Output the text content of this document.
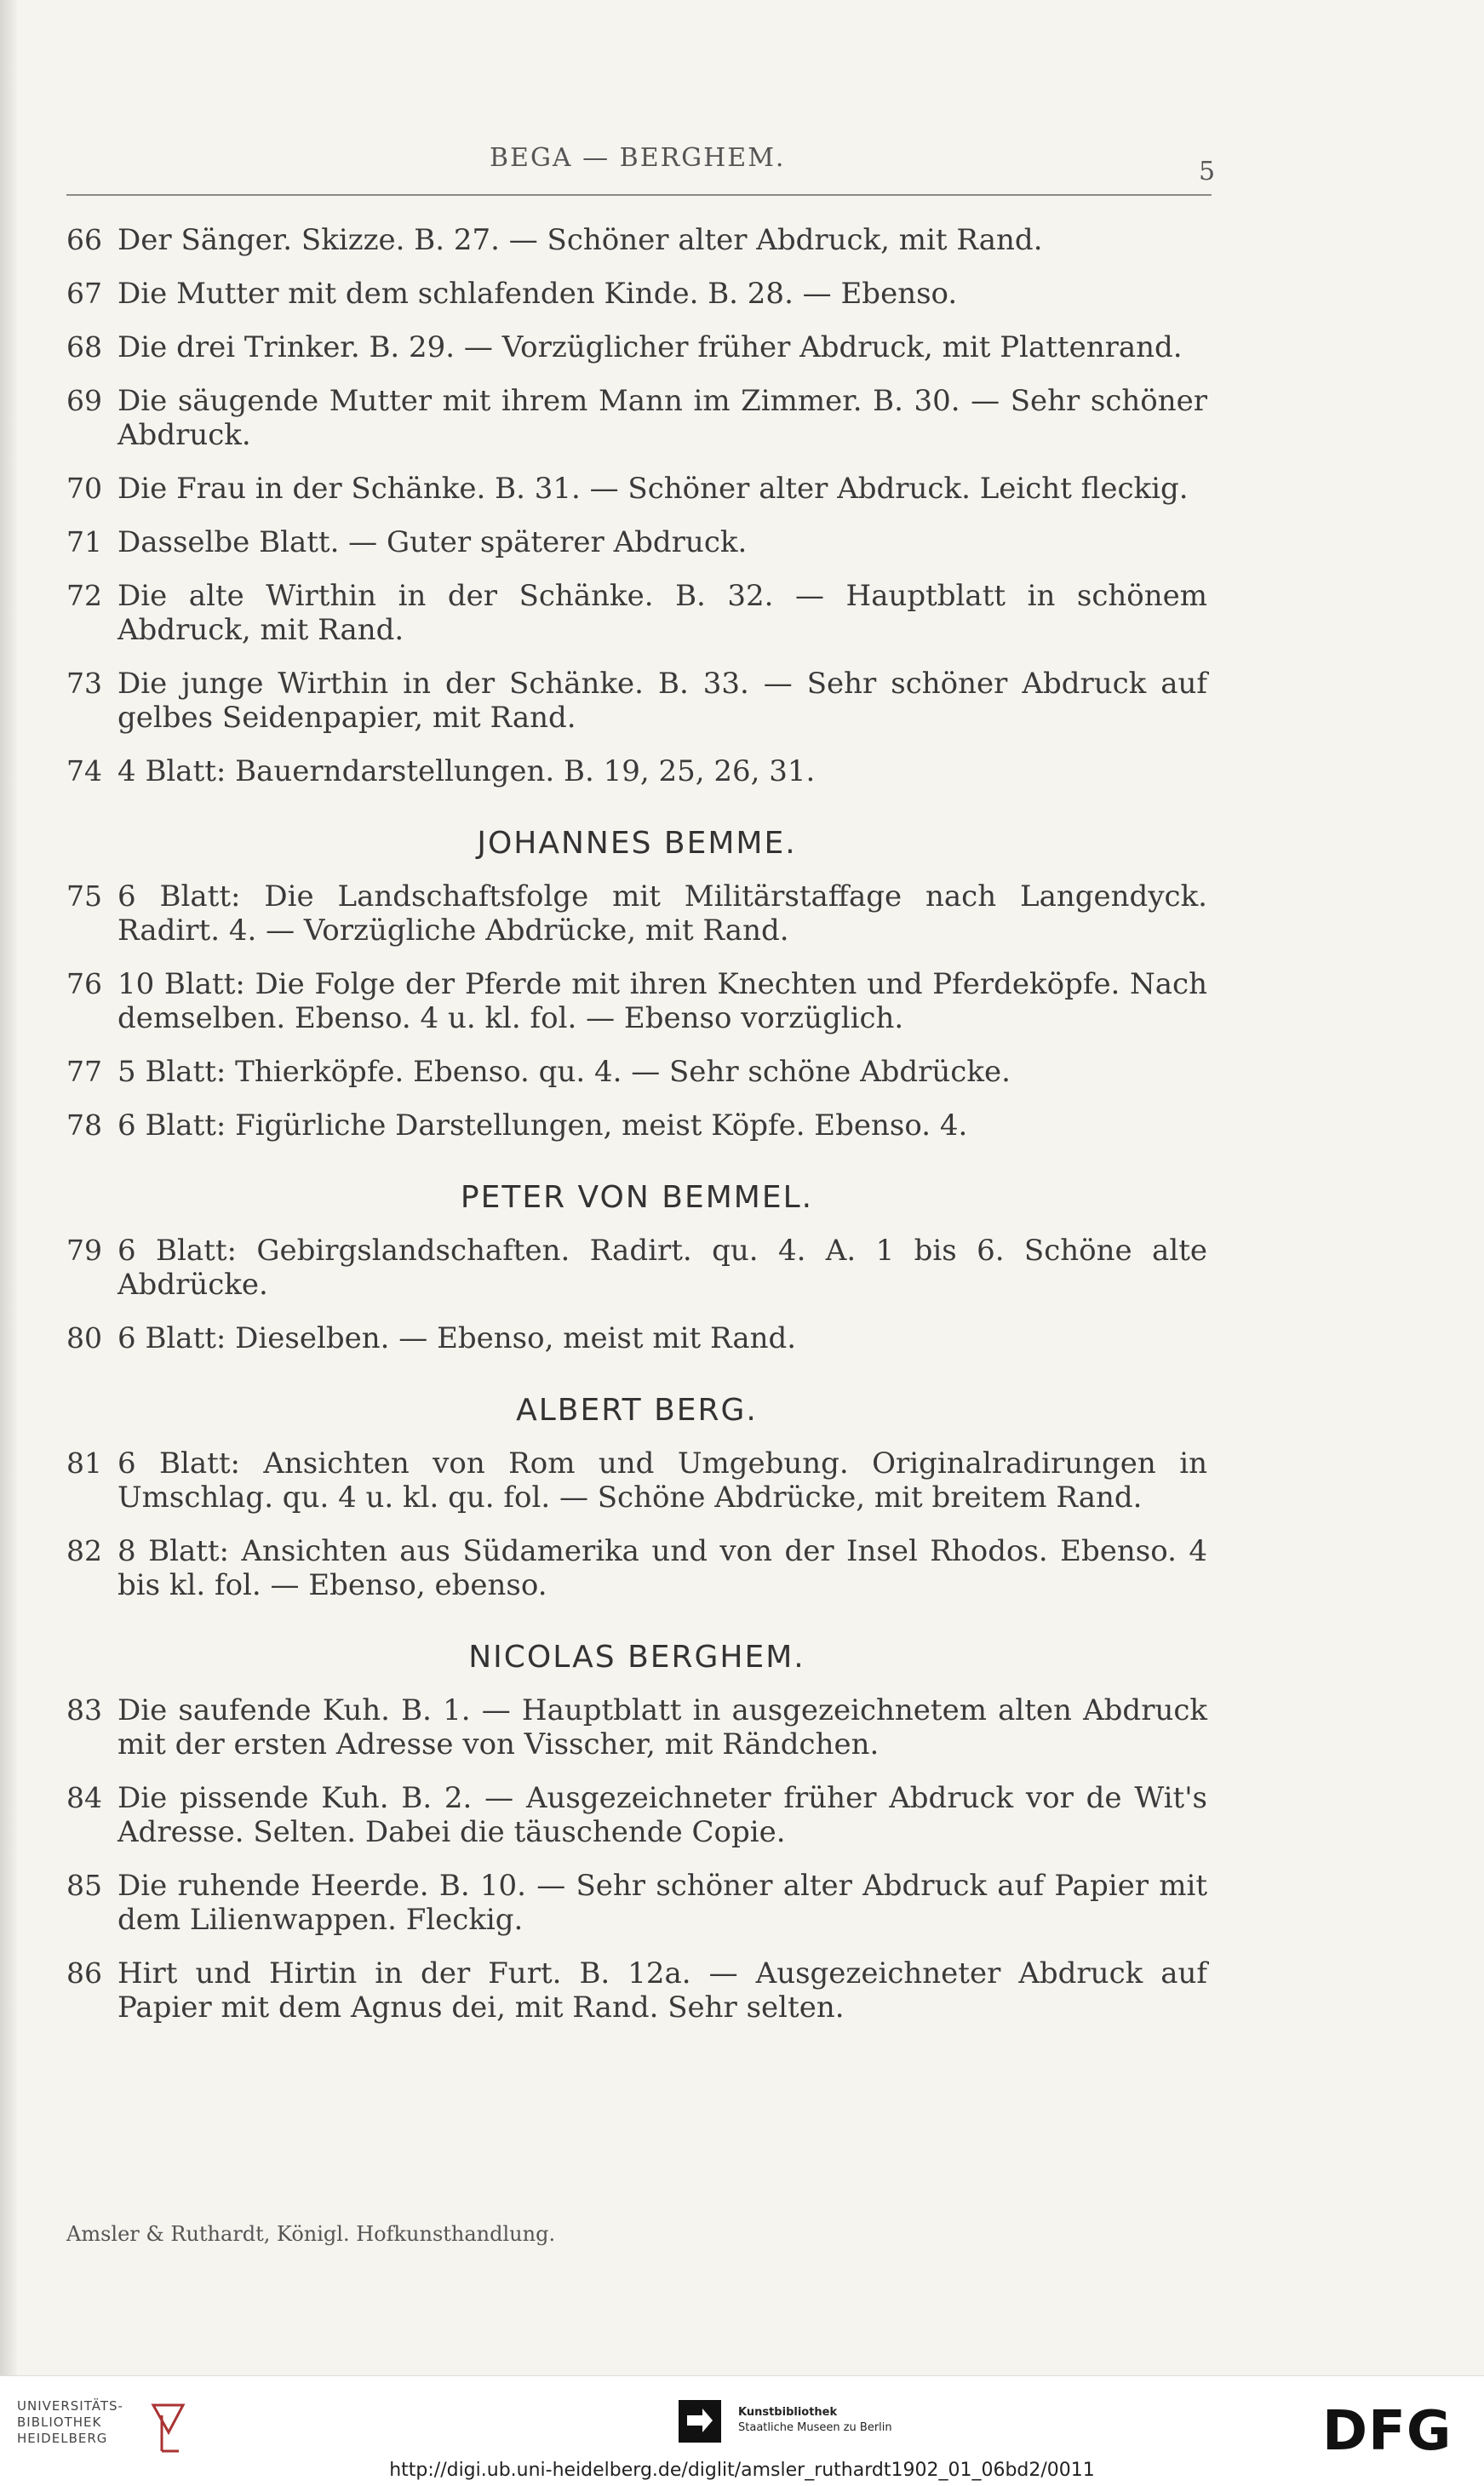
BEGA — BERGHEM.	5
66 Der Sänger. Skizze. B. 27. — Schöner alter Abdruck, mit Rand.
67 Die Mutter mit dem schlafenden Kinde. B. 28. — Ebenso.
68 Die drei Trinker. B. 29. — Vorzüglicher früher Abdruck, mit Plattenrand.
69 Die säugende Mutter mit ihrem Mann im Zimmer. B. 30. — Sehr schöner Abdruck.
70 Die Frau in der Schänke. B. 31. — Schöner alter Abdruck. Leicht fleckig.
71 Dasselbe Blatt. — Guter späterer Abdruck.
72 Die alte Wirthin in der Schänke. B. 32. — Hauptblatt in schönem Abdruck, mit Rand.
73 Die junge Wirthin in der Schänke. B. 33. — Sehr schöner Abdruck auf gelbes Seidenpapier, mit Rand.
74 4 Blatt: Bauerndarstellungen. B. 19, 25, 26, 31.
JOHANNES BEMME.
75 6 Blatt: Die Landschaftsfolge mit Militärstaffage nach Langendyck. Radirt. 4. — Vorzügliche Abdrücke, mit Rand.
76 10 Blatt: Die Folge der Pferde mit ihren Knechten und Pferdeköpfe. Nach demselben. Ebenso. 4 u. kl. fol. — Ebenso vorzüglich.
77 5 Blatt: Thierköpfe. Ebenso. qu. 4. — Sehr schöne Abdrücke.
78 6 Blatt: Figürliche Darstellungen, meist Köpfe. Ebenso. 4.
PETER VON BEMMEL.
79 6 Blatt: Gebirgslandschaften. Radirt. qu. 4. A. 1 bis 6. Schöne alte Abdrücke.
80 6 Blatt: Dieselben. — Ebenso, meist mit Rand.
ALBERT BERG.
81 6 Blatt: Ansichten von Rom und Umgebung. Originalradirungen in Umschlag. qu. 4 u. kl. qu. fol. — Schöne Abdrücke, mit breitem Rand.
82 8 Blatt: Ansichten aus Südamerika und von der Insel Rhodos. Ebenso. 4 bis kl. fol. — Ebenso, ebenso.
NICOLAS BERGHEM.
83 Die saufende Kuh. B. 1. — Hauptblatt in ausgezeichnetem alten Abdruck mit der ersten Adresse von Visscher, mit Rändchen.
84 Die pissende Kuh. B. 2. — Ausgezeichneter früher Abdruck vor de Wit's Adresse. Selten. Dabei die täuschende Copie.
85 Die ruhende Heerde. B. 10. — Sehr schöner alter Abdruck auf Papier mit dem Lilienwappen. Fleckig.
86 Hirt und Hirtin in der Furt. B. 12a. — Ausgezeichneter Abdruck auf Papier mit dem Agnus dei, mit Rand. Sehr selten.
Amsler & Ruthardt, Königl. Hofkunsthandlung.
UNIVERSITÄTS-
BIBLIOTHEK
HEIDELBERG
Kunstbibliothek
Staatliche Museen zu Berlin	DFG
http://digi.ub.uni-heidelberg.de/diglit/amsler_ruthardt1902_01_06bd2/0011
